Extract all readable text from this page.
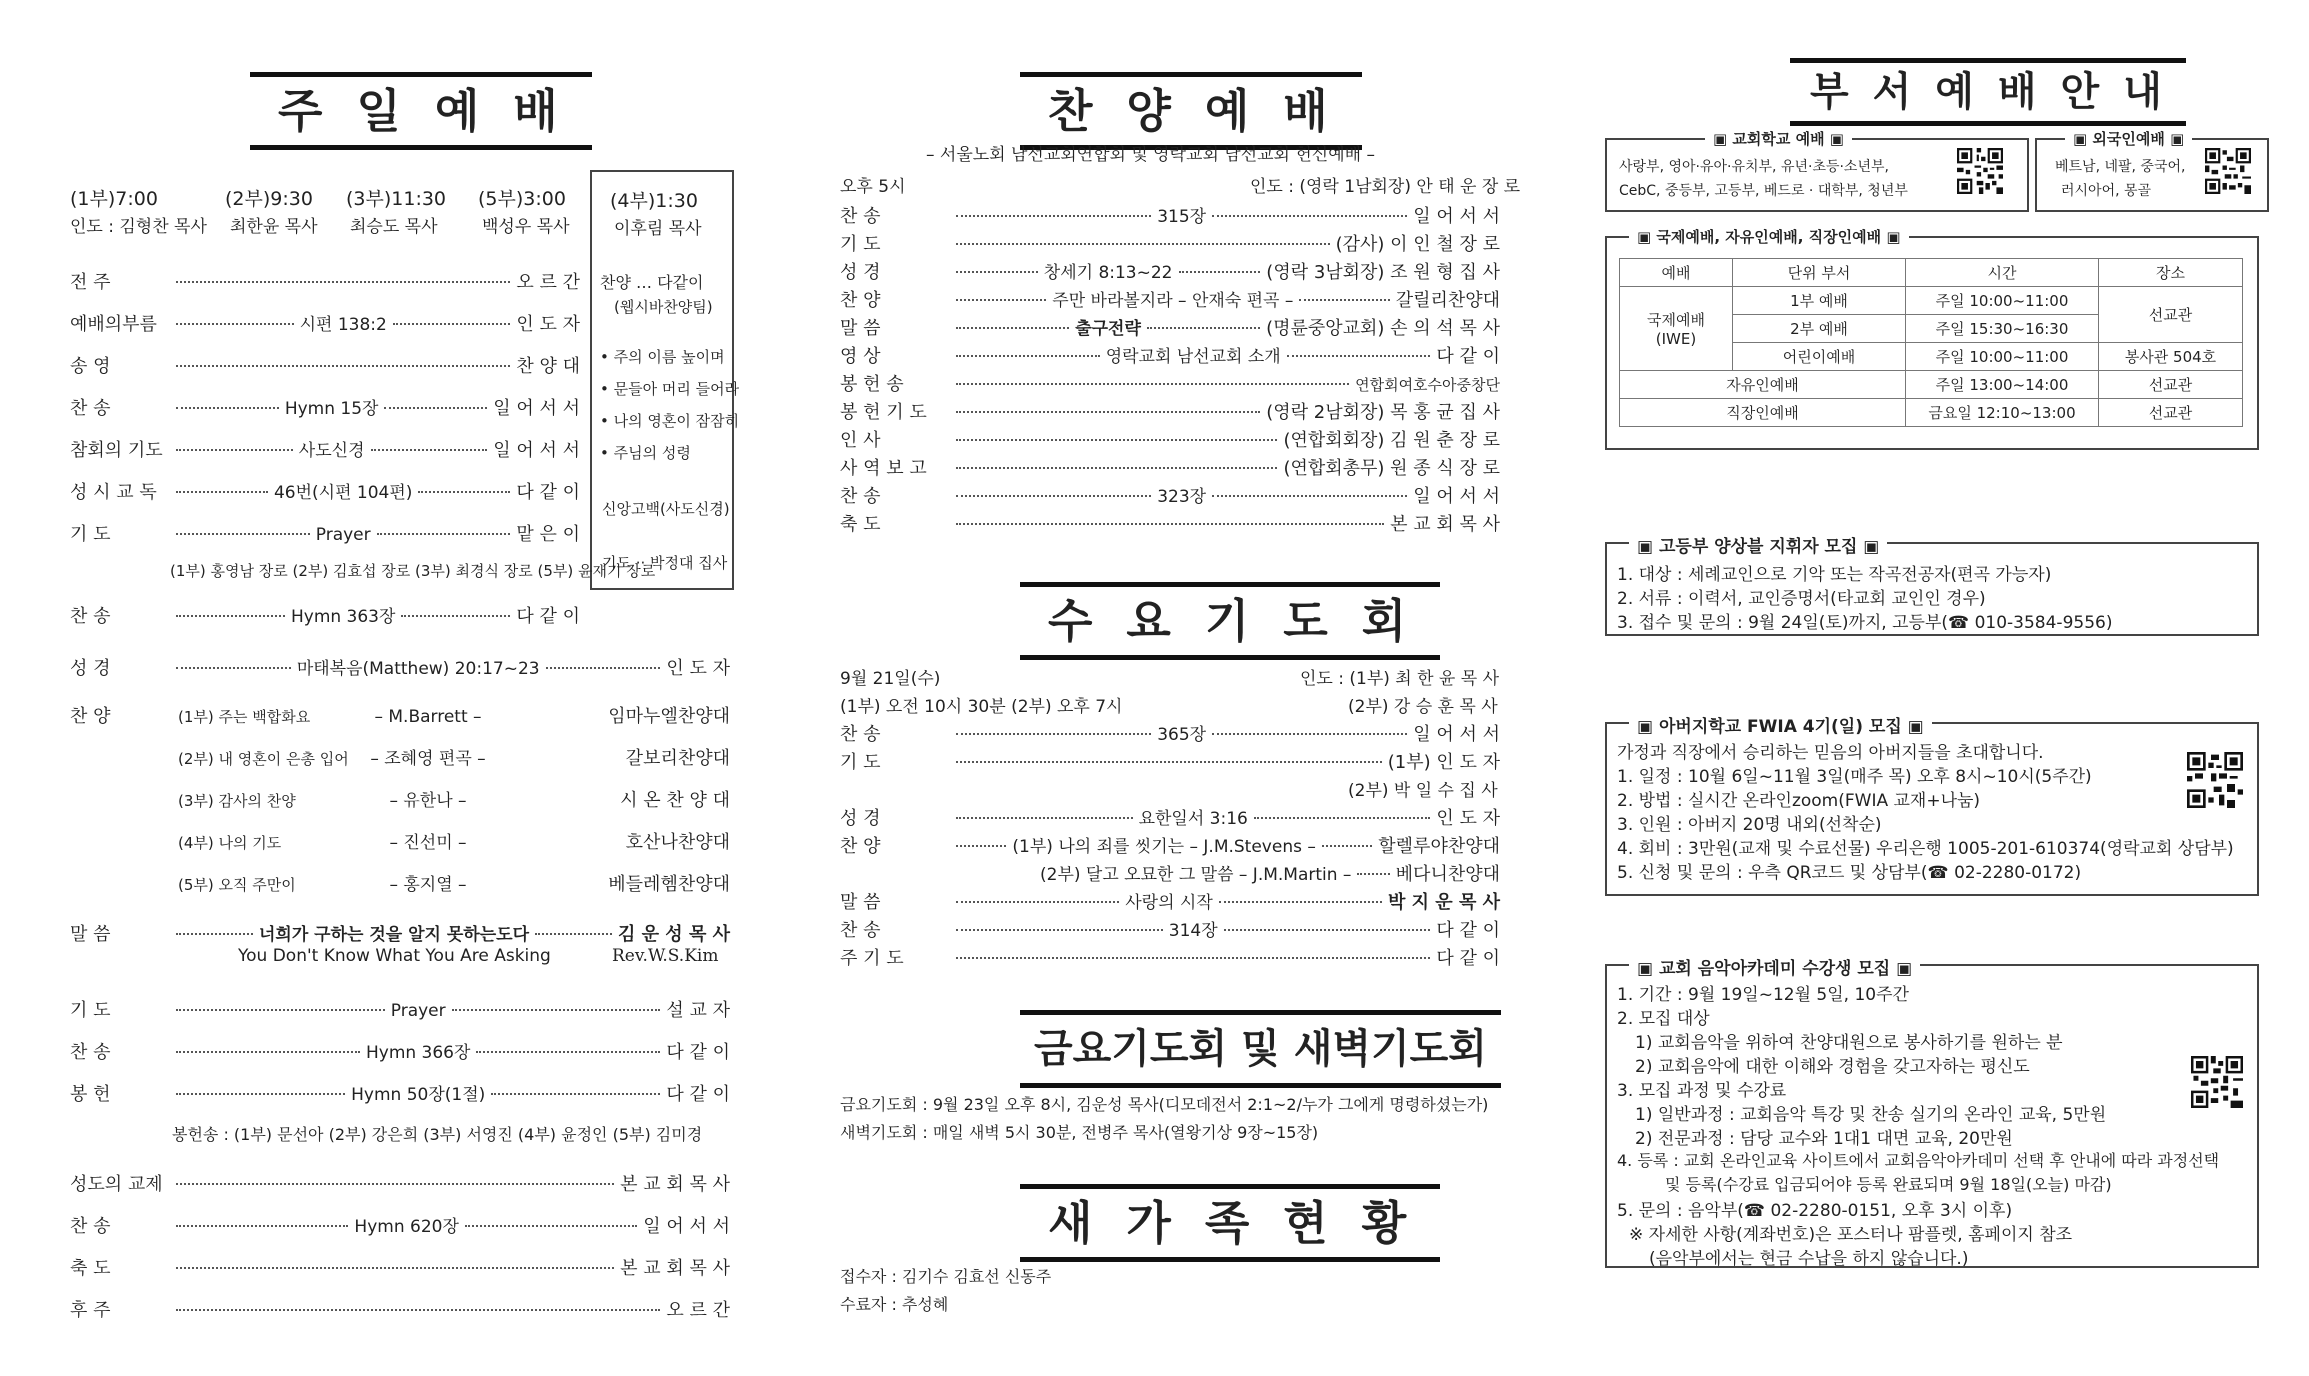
주일예배
(1부)7:00
인도 : 김형찬 목사
(2부)9:30
최한윤 목사
(3부)11:30
최승도 목사
(5부)3:00
백성우 목사
(4부)1:30
이후림 목사
찬양 … 다같이
(웹시바찬양팀)
• 주의 이름 높이며
• 문들아 머리 들어라
• 나의 영혼이 잠잠히
• 주님의 성령
신앙고백(사도신경)
기도 ·· 박정대 집사
전 주	오 르 간
예배의부름	시편 138:2	인 도 자
송 영	찬 양 대
찬 송	Hymn 15장	일 어 서 서
참회의 기도	사도신경	일 어 서 서
성 시 교 독	46번(시편 104편)	다 같 이
기 도	Prayer	맡 은 이
(1부) 홍영남 장로 (2부) 김효섭 장로 (3부) 최경식 장로 (5부) 윤재기 장로
찬 송	Hymn 363장	다 같 이
성 경	마태복음(Matthew) 20:17~23	인 도 자
찬 양	(1부) 주는 백합화요	– M.Barrett –	임마누엘찬양대
(2부) 내 영혼이 은총 입어	– 조혜영 편곡 –	갈보리찬양대
(3부) 감사의 찬양	– 유한나 –	시 온 찬 양 대
(4부) 나의 기도	– 진선미 –	호산나찬양대
(5부) 오직 주만이	– 홍지열 –	베들레헴찬양대
말 씀	너희가 구하는 것을 알지 못하는도다	김 운 성 목 사
You Don't Know What You Are Asking	Rev.W.S.Kim
기 도	Prayer	설 교 자
찬 송	Hymn 366장	다 같 이
봉 헌	Hymn 50장(1절)	다 같 이
봉헌송 : (1부) 문선아 (2부) 강은희 (3부) 서영진 (4부) 윤정인 (5부) 김미경
성도의 교제	본 교 회 목 사
찬 송	Hymn 620장	일 어 서 서
축 도	본 교 회 목 사
후 주	오 르 간
찬양예배
– 서울노회 남선교회연합회 및 영락교회 남선교회 헌신예배 –
오후 5시	인도 : (영락 1남회장) 안 태 운 장 로
찬 송	315장	일 어 서 서
기 도	(감사) 이 인 철 장 로
성 경	창세기 8:13~22	(영락 3남회장) 조 원 형 집 사
찬 양	주만 바라볼지라 – 안재숙 편곡 –	갈릴리찬양대
말 씀	출구전략	(명륜중앙교회) 손 의 석 목 사
영 상	영락교회 남선교회 소개	다 같 이
봉 헌 송	연합회여호수아중창단
봉 헌 기 도	(영락 2남회장) 목 홍 균 집 사
인 사	(연합회회장) 김 원 춘 장 로
사 역 보 고	(연합회총무) 원 종 식 장 로
찬 송	323장	일 어 서 서
축 도	본 교 회 목 사
수요기도회
9월 21일(수)	인도 : (1부) 최 한 윤 목 사
(1부) 오전 10시 30분 (2부) 오후 7시	(2부) 강 승 훈 목 사
찬 송	365장	일 어 서 서
기 도	(1부) 인 도 자
(2부) 박 일 수 집 사
성 경	요한일서 3:16	인 도 자
찬 양	(1부) 나의 죄를 씻기는 – J.M.Stevens –	할렐루야찬양대
(2부) 달고 오묘한 그 말씀 – J.M.Martin – 베다니찬양대
말 씀	사랑의 시작	박 지 운 목 사
찬 송	314장	다 같 이
주 기 도	다 같 이
금요기도회 및 새벽기도회
금요기도회 : 9월 23일 오후 8시, 김운성 목사(디모데전서 2:1~2/누가 그에게 명령하셨는가)
새벽기도회 : 매일 새벽 5시 30분, 전병주 목사(열왕기상 9장~15장)
새가족현황
접수자 : 김기수 김효선 신동주
수료자 : 추성혜
부서예배안내
▣ 교회학교 예배 ▣
사랑부, 영아·유아·유치부, 유년·초등·소년부,
CebC, 중등부, 고등부, 베드로 · 대학부, 청년부
▣ 외국인예배 ▣
베트남, 네팔, 중국어,
러시아어, 몽골
▣ 국제예배, 자유인예배, 직장인예배 ▣
예배	단위 부서	시간	장소

국제예배
(IWE)	1부 예배	주일 10:00~11:00	선교관
	2부 예배	주일 15:30~16:30	
	어린이예배	주일 10:00~11:00	봉사관 504호
자유인예배		주일 13:00~14:00	선교관
직장인예배		금요일 12:10~13:00	선교관
▣ 고등부 양상블 지휘자 모집 ▣
1. 대상 : 세례교인으로 기악 또는 작곡전공자(편곡 가능자)
2. 서류 : 이력서, 교인증명서(타교회 교인인 경우)
3. 접수 및 문의 : 9월 24일(토)까지, 고등부(☎ 010-3584-9556)
▣ 아버지학교 FWIA 4기(일) 모집 ▣
가정과 직장에서 승리하는 믿음의 아버지들을 초대합니다.
1. 일정 : 10월 6일~11월 3일(매주 목) 오후 8시~10시(5주간)
2. 방법 : 실시간 온라인zoom(FWIA 교재+나눔)
3. 인원 : 아버지 20명 내외(선착순)
4. 회비 : 3만원(교재 및 수료선물) 우리은행 1005-201-610374(영락교회 상담부)
5. 신청 및 문의 : 우측 QR코드 및 상담부(☎ 02-2280-0172)
▣ 교회 음악아카데미 수강생 모집 ▣
1. 기간 : 9월 19일~12월 5일, 10주간
2. 모집 대상
1) 교회음악을 위하여 찬양대원으로 봉사하기를 원하는 분
2) 교회음악에 대한 이해와 경험을 갖고자하는 평신도
3. 모집 과정 및 수강료
1) 일반과정 : 교회음악 특강 및 찬송 실기의 온라인 교육, 5만원
2) 전문과정 : 담당 교수와 1대1 대면 교육, 20만원
4. 등록 : 교회 온라인교육 사이트에서 교회음악아카데미 선택 후 안내에 따라 과정선택
및 등록(수강료 입금되어야 등록 완료되며 9월 18일(오늘) 마감)
5. 문의 : 음악부(☎ 02-2280-0151, 오후 3시 이후)
※ 자세한 사항(계좌번호)은 포스터나 팜플렛, 홈페이지 참조
(음악부에서는 현금 수납을 하지 않습니다.)
